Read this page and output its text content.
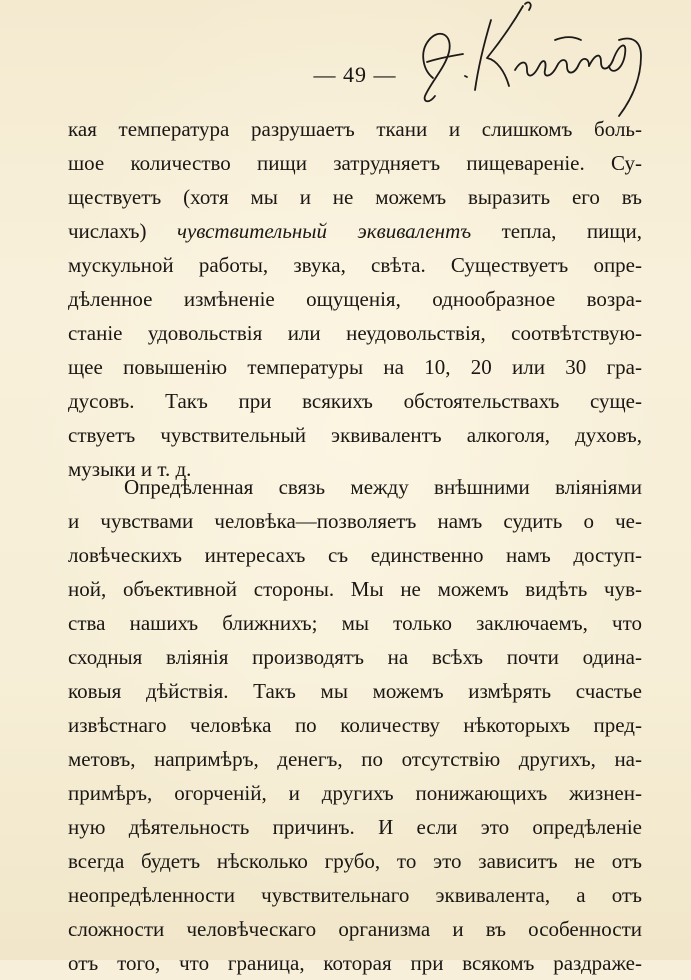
— 49 —
кая температура разрушаетъ ткани и слишкомъ боль-
шое количество пищи затрудняетъ пищевареніе. Су-
ществуетъ (хотя мы и не можемъ выразить его въ
числахъ) чувствительный эквивалентъ тепла, пищи,
мускульной работы, звука, свѣта. Существуетъ опре-
дѣленное измѣненіе ощущенія, однообразное возра-
станіе удовольствія или неудовольствія, соотвѣтствую-
щее повышенію температуры на 10, 20 или 30 гра-
дусовъ. Такъ при всякихъ обстоятельствахъ суще-
ствуетъ чувствительный эквивалентъ алкоголя, духовъ,
музыки и т. д.
Опредѣленная связь между внѣшними вліяніями
и чувствами человѣка—позволяетъ намъ судить о че-
ловѣческихъ интересахъ съ единственно намъ доступ-
ной, объективной стороны. Мы не можемъ видѣть чув-
ства нашихъ ближнихъ; мы только заключаемъ, что
сходныя вліянія производятъ на всѣхъ почти одина-
ковыя дѣйствія. Такъ мы можемъ измѣрять счастье
извѣстнаго человѣка по количеству нѣкоторыхъ пред-
метовъ, напримѣръ, денегъ, по отсутствію другихъ, на-
примѣръ, огорченій, и другихъ понижающихъ жизнен-
ную дѣятельность причинъ. И если это опредѣленіе
всегда будетъ нѣсколько грубо, то это зависитъ не отъ
неопредѣленности чувствительнаго эквивалента, а отъ
сложности человѣческаго организма и въ особенности
отъ того, что граница, которая при всякомъ раздраже-
